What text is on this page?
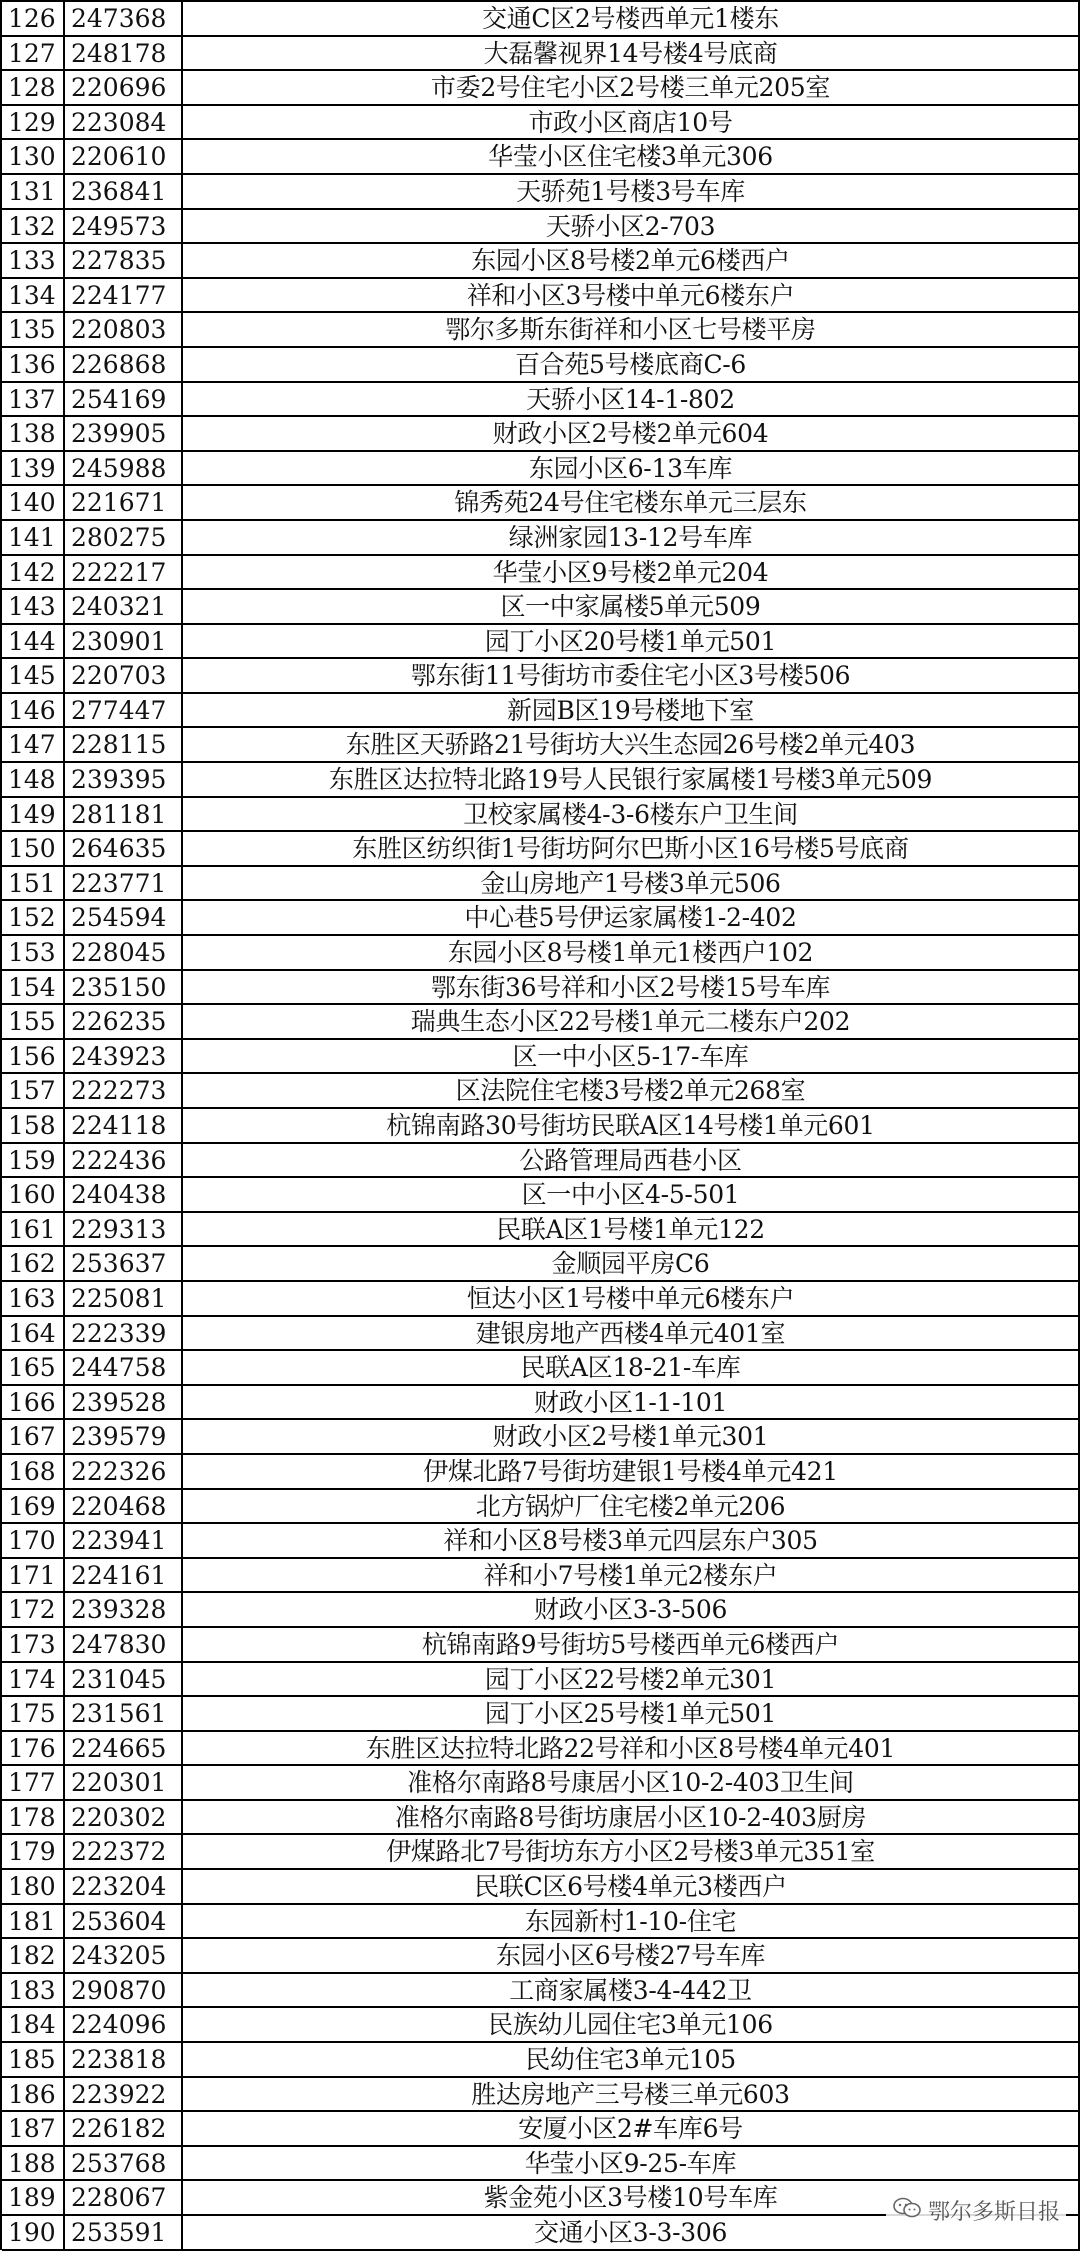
126 247368	交通C区2号楼西单元1楼东
127 248178	大磊馨视界14号楼4号底商
128 220696	市委2号住宅小区2号楼三单元205室
129 223084	市政小区商店10号
130 220610	华莹小区住宅楼3单元306
131 236841	天骄苑1号楼3号车库
132 249573	天骄小区2-703
133 227835	东园小区8号楼2单元6楼西户
134 224177	祥和小区3号楼中单元6楼东户
135 220803	鄂尔多斯东街祥和小区七号楼平房
136 226868	百合苑5号楼底商C-6
137 254169	天骄小区14-1-802
138 239905	财政小区2号楼2单元604
139 245988	东园小区6-13车库
140 221671	锦秀苑24号住宅楼东单元三层东
141 280275	绿洲家园13-12号车库
142 222217	华莹小区9号楼2单元204
143 240321	区一中家属楼5单元509
144 230901	园丁小区20号楼1单元501
145 220703	鄂东街11号街坊市委住宅小区3号楼506
146 277447	新园B区19号楼地下室
147 228115	东胜区天骄路21号街坊大兴生态园26号楼2单元403
148 239395	东胜区达拉特北路19号人民银行家属楼1号楼3单元509
149 281181	卫校家属楼4-3-6楼东户卫生间
150 264635	东胜区纺织街1号街坊阿尔巴斯小区16号楼5号底商
151 223771	金山房地产1号楼3单元506
152 254594	中心巷5号伊运家属楼1-2-402
153 228045	东园小区8号楼1单元1楼西户102
154 235150	鄂东街36号祥和小区2号楼15号车库
155 226235	瑞典生态小区22号楼1单元二楼东户202
156 243923	区一中小区5-17-车库
157 222273	区法院住宅楼3号楼2单元268室
158 224118	杭锦南路30号街坊民联A区14号楼1单元601
159 222436	公路管理局西巷小区
160 240438	区一中小区4-5-501
161 229313	民联A区1号楼1单元122
162 253637	金顺园平房C6
163 225081	恒达小区1号楼中单元6楼东户
164 222339	建银房地产西楼4单元401室
165 244758	民联A区18-21-车库
166 239528	财政小区1-1-101
167 239579	财政小区2号楼1单元301
168 222326	伊煤北路7号街坊建银1号楼4单元421
169 220468	北方锅炉厂住宅楼2单元206
170 223941	祥和小区8号楼3单元四层东户305
171 224161	祥和小7号楼1单元2楼东户
172 239328	财政小区3-3-506
173 247830	杭锦南路9号街坊5号楼西单元6楼西户
174 231045	园丁小区22号楼2单元301
175 231561	园丁小区25号楼1单元501
176 224665	东胜区达拉特北路22号祥和小区8号楼4单元401
177 220301	准格尔南路8号康居小区10-2-403卫生间
178 220302	准格尔南路8号街坊康居小区10-2-403厨房
179 222372	伊煤路北7号街坊东方小区2号楼3单元351室
180 223204	民联C区6号楼4单元3楼西户
181 253604	东园新村1-10-住宅
182 243205	东园小区6号楼27号车库
183 290870	工商家属楼3-4-442卫
184 224096	民族幼儿园住宅3单元106
185 223818	民幼住宅3单元105
186 223922	胜达房地产三号楼三单元603
187 226182	安厦小区2#车库6号
188 253768	华莹小区9-25-车库
189 228067	紫金苑小区3号楼10号车库
190 253591	交通小区3-3-306
鄂尔多斯日报
